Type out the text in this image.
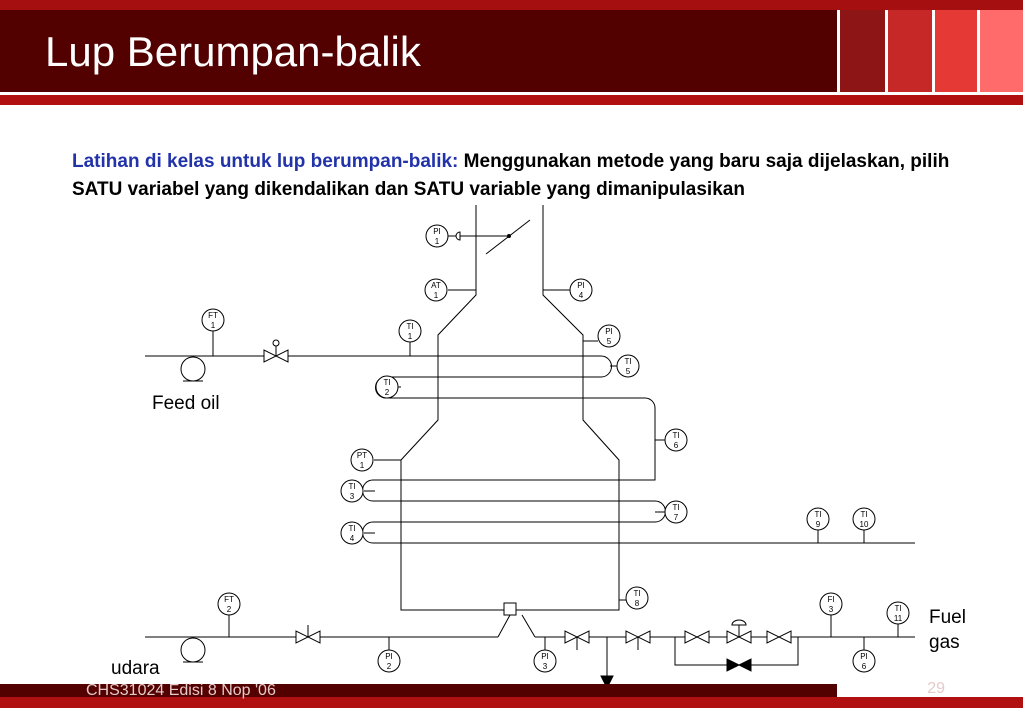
Lup Berumpan-balik
Latihan di kelas untuk lup berumpan-balik: Menggunakan metode yang baru saja dijelaskan, pilih SATU variabel yang dikendalikan dan SATU variable yang dimanipulasikan
PI
1
AT
1
PI
4
FT
1	TI
1
PI
5
TI
5
TI
2
TI
6
PT
1
TI
3
TI
7	TI
9
TI
10
TI
4
TI
8
FT
2
FI
3	TI
11
PI
2
PI
3
PI
6
Feed oil
udara
Fuel gas
CHS31024 Edisi 8 Nop '06	29
